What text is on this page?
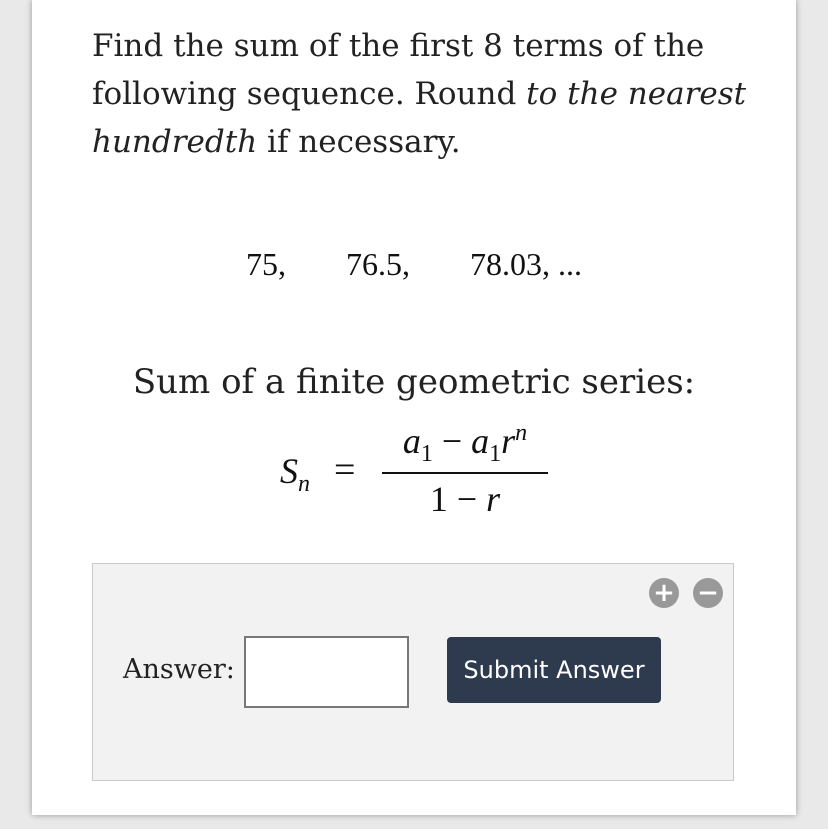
Find the sum of the first 8 terms of the following sequence. Round to the nearest hundredth if necessary.
75, 76.5, 78.03, ...
Sum of a finite geometric series:
$S_n$ =
$a_1 - a_1r^n$
1 − r
+ −
Answer:	Submit Answer
